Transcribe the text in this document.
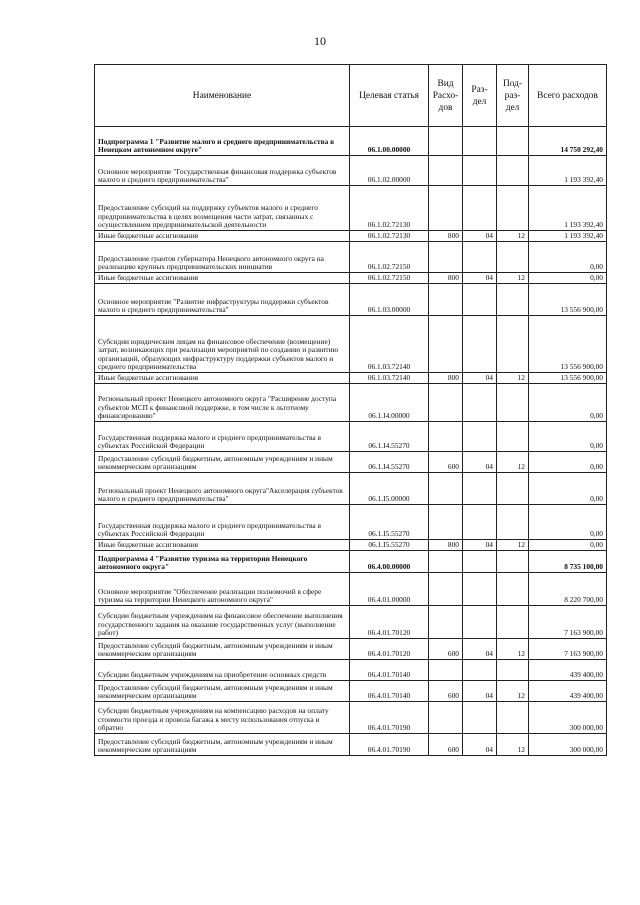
10
Наименование	Целевая статья	Вид Расхо- дов	Раз- дел	Под- раз- дел	Всего расходов
Подпрограмма 1 "Развитие малого и среднего предпринимательства в Ненецком автономном округе"	06.1.00.00000				14 750 292,40
Основное мероприятие "Государственная финансовая поддержка субъектов малого и среднего предпринимательства"	06.1.02.00000				1 193 392,40
Предоставление субсидий на поддержку субъектов малого и среднего предпринимательства в целях возмещения части затрат, связанных с осуществлением предпринимательской деятельности	06.1.02.72130				1 193 392,40
Иные бюджетные ассигнования	06.1.02.72130	800	04	12	1 193 392,40
Предоставление грантов губернатора Ненецкого автономного округа на реализацию крупных предпринимательских инициатив	06.1.02.72150				0,00
Иные бюджетные ассигнования	06.1.02.72150	800	04	12	0,00
Основное мероприятие "Развитие инфраструктуры поддержки субъектов малого и среднего предпринимательства"	06.1.03.00000				13 556 900,00
Субсидии юридическим лицам на финансовое обеспечение (возмещение) затрат, возникающих при реализации мероприятий по созданию и развитию организаций, образующих инфраструктуру поддержки субъектов малого и среднего предпринимательства	06.1.03.72140				13 556 900,00
Иные бюджетные ассигнования	06.1.03.72140	800	04	12	13 556 900,00
Региональный проект Ненецкого автономного округа "Расширение доступа субъектов МСП к финансовой поддержке, в том числе к льготному финансированию"	06.1.I4.00000				0,00
Государственная поддержка малого и среднего предпринимательства в субъектах Российской Федерации	06.1.I4.55270				0,00
Предоставление субсидий бюджетным, автономным учреждениям и иным некоммерческим организациям	06.1.I4.55270	600	04	12	0,00
Региональный проект Ненецкого автономного округа"Акселерация субъектов малого и среднего предпринимательства"	06.1.I5.00000				0,00
Государственная поддержка малого и среднего предпринимательства в субъектах Российской Федерации	06.1.I5.55270				0,00
Иные бюджетные ассигнования	06.1.I5.55270	800	04	12	0,00
Подпрограмма 4 "Развитие туризма на территории Ненецкого автономного округа"	06.4.00.00000				8 735 100,00
Основное мероприятие "Обеспечение реализации полномочий в сфере туризма на территории Ненецкого автономного округа"	06.4.01.00000				8 220 700,00
Субсидии бюджетным учреждениям на финансовое обеспечение выполнения государственного задания на оказание государственных услуг (выполнение работ)	06.4.01.70120				7 163 900,00
Предоставление субсидий бюджетным, автономным учреждениям и иным некоммерческим организациям	06.4.01.70120	600	04	12	7 163 900,00
Субсидии бюджетным учреждениям на приобретение основных средств	06.4.01.70140				439 400,00
Предоставление субсидий бюджетным, автономным учреждениям и иным некоммерческим организациям	06.4.01.70140	600	04	12	439 400,00
Субсидии бюджетным учреждениям на компенсацию расходов на оплату стоимости проезда и провоза багажа к месту использования отпуска и обратно	06.4.01.70190				300 000,00
Предоставление субсидий бюджетным, автономным учреждениям и иным некоммерческим организациям	06.4.01.70190	600	04	12	300 000,00
